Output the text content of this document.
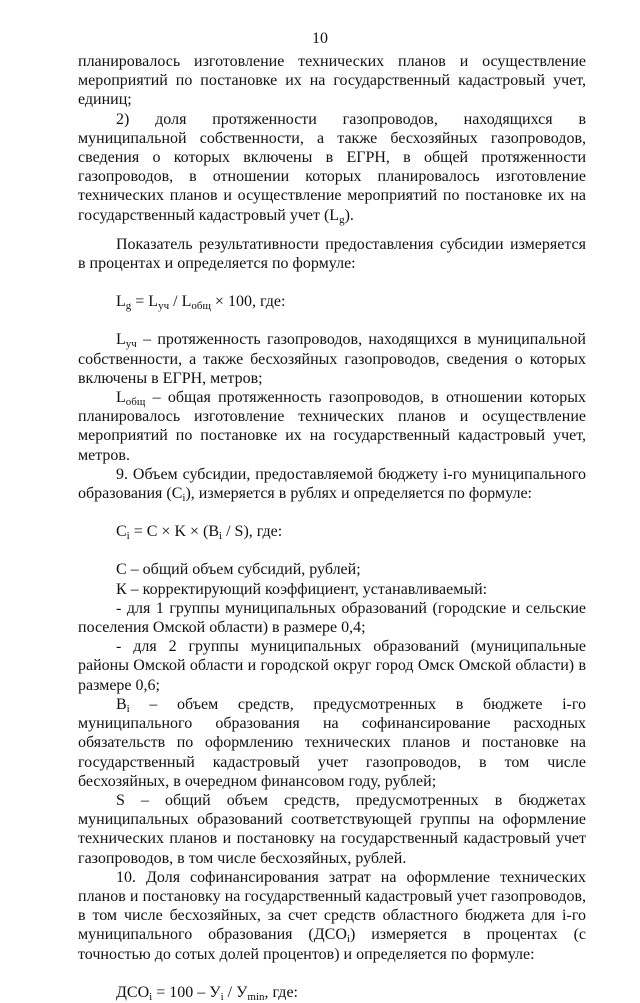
10

планировалось изготовление технических планов и осуществление мероприятий по постановке их на государственный кадастровый учет, единиц;

2) доля протяженности газопроводов, находящихся в муниципальной собственности, а также бесхозяйных газопроводов, сведения о которых включены в ЕГРН, в общей протяженности газопроводов, в отношении которых планировалось изготовление технических планов и осуществление мероприятий по постановке их на государственный кадастровый учет $(L_g)$.

Показатель результативности предоставления субсидии измеряется в процентах и определяется по формуле:

$L_g = L_{уч} / L_{общ} \times 100$, где:

$L_{уч}$ – протяженность газопроводов, находящихся в муниципальной собственности, а также бесхозяйных газопроводов, сведения о которых включены в ЕГРН, метров;

$L_{общ}$ – общая протяженность газопроводов, в отношении которых планировалось изготовление технических планов и осуществление мероприятий по постановке их на государственный кадастровый учет, метров.

9. Объем субсидии, предоставляемой бюджету i-го муниципального образования $(C_i)$, измеряется в рублях и определяется по формуле:

$C_i = C \times K \times (B_i / S)$, где:

C – общий объем субсидий, рублей;

К – корректирующий коэффициент, устанавливаемый:

- для 1 группы муниципальных образований (городские и сельские поселения Омской области) в размере 0,4;

- для 2 группы муниципальных образований (муниципальные районы Омской области и городской округ город Омск Омской области) в размере 0,6;

$B_i$ – объем средств, предусмотренных в бюджете i-го муниципального образования на софинансирование расходных обязательств по оформлению технических планов и постановке на государственный кадастровый учет газопроводов, в том числе бесхозяйных, в очередном финансовом году, рублей;

S – общий объем средств, предусмотренных в бюджетах муниципальных образований соответствующей группы на оформление технических планов и постановку на государственный кадастровый учет газопроводов, в том числе бесхозяйных, рублей.

10. Доля софинансирования затрат на оформление технических планов и постановку на государственный кадастровый учет газопроводов, в том числе бесхозяйных, за счет средств областного бюджета для i-го муниципального образования $(ДСО_i)$ измеряется в процентах (с точностью до сотых долей процентов) и определяется по формуле:

$ДСО_i = 100 - У_i / У_{min}$, где:
